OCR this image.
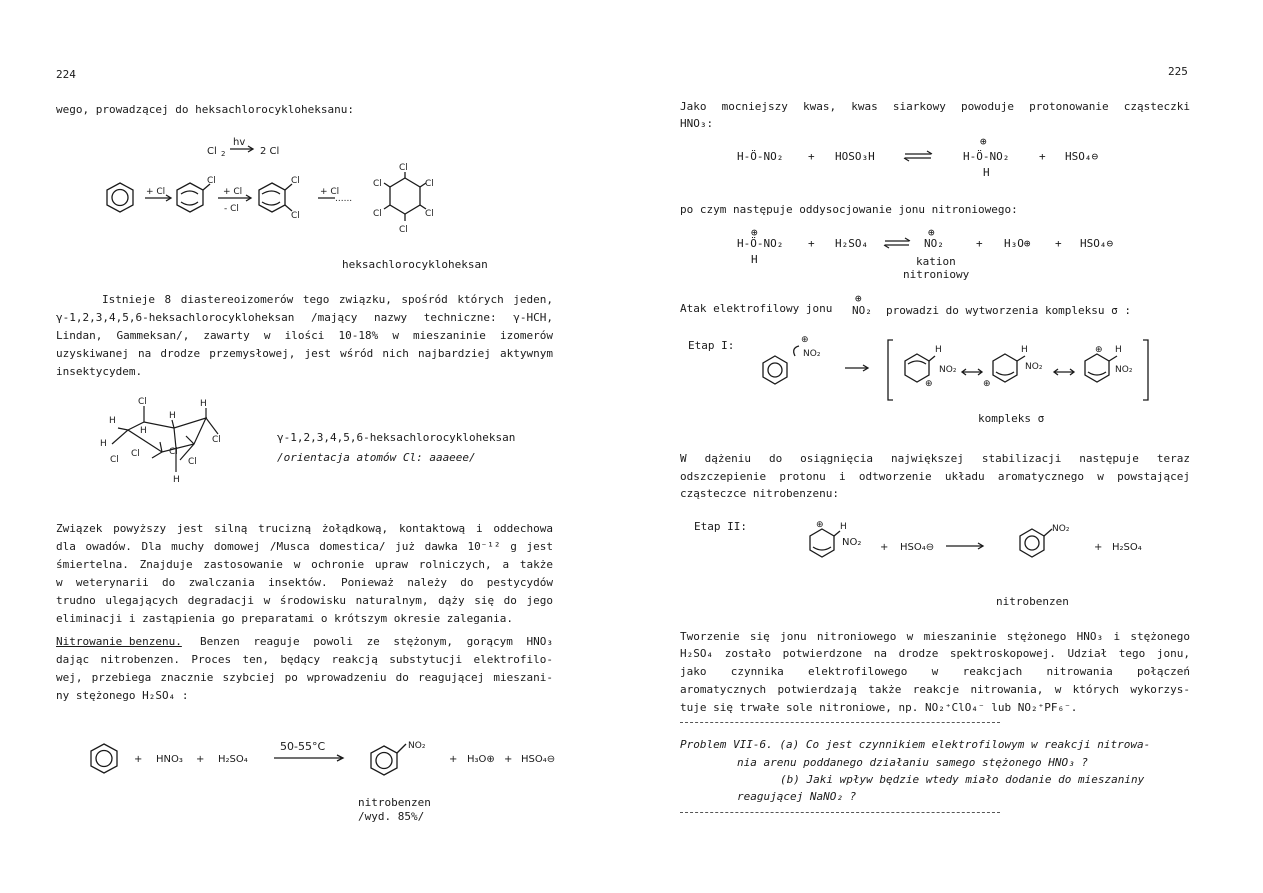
224
wego, prowadzącej do heksachlorocykloheksanu:
Cl 2
hv
2 Cl
+ Cl	+ Cl
- Cl
+ Cl
......
Cl	Cl
Cl
Cl
Cl
Cl
Cl
Cl
Cl
heksachlorocykloheksan
Istnieje 8 diastereoizomerów tego związku, spośród których jeden,
γ-1,2,3,4,5,6-heksachlorocykloheksan /mający nazwy techniczne: γ-HCH,
Lindan, Gammeksan/, zawarty w ilości 10-18% w mieszaninie izomerów
uzyskiwanej na drodze przemysłowej, jest wśród nich najbardziej aktywnym
insektycydem.
Cl
H
H
Cl
Cl
H
H
Cl
H
Cl
Cl
H
γ-1,2,3,4,5,6-heksachlorocykloheksan
/orientacja atomów Cl: aaaeee/
Związek powyższy jest silną trucizną żołądkową, kontaktową i oddechowa
dla owadów. Dla muchy domowej /Musca domestica/ już dawka 10⁻¹² g jest
śmiertelna. Znajduje zastosowanie w ochronie upraw rolniczych, a także
w weterynarii do zwalczania insektów. Ponieważ należy do pestycydów
trudno ulegających degradacji w środowisku naturalnym, dąży się do jego
eliminacji i zastąpienia go preparatami o krótszym okresie zalegania.
Nitrowanie benzenu. Benzen reaguje powoli ze stężonym, gorącym HNO₃
dając nitrobenzen. Proces ten, będący reakcją substytucji elektrofilo-
wej, przebiega znacznie szybciej po wprowadzeniu do reagującej mieszani-
ny stężonego H₂SO₄ :
+ HNO₃ + H₂SO₄
50-55°C	NO₂
+ H₃O⊕ + HSO₄⊖
nitrobenzen
/wyd. 85%/
225
Jako mocniejszy kwas, kwas siarkowy powoduje protonowanie cząsteczki
HNO₃:
H-Ö-NO₂ + HOSO₃H
⊕
H-Ö-NO₂
H
+ HSO₄⊖
po czym następuje oddysocjowanie jonu nitroniowego:
⊕
H-Ö-NO₂
H
+ H₂SO₄
⊕
NO₂	+ H₃O⊕ + HSO₄⊖
kation
nitroniowy
Atak elektrofilowy jonu
⊕
NO₂ prowadzi do wytworzenia kompleksu σ :
Etap I:	⊕
NO₂	H
NO₂
⊕
H
NO₂
⊕
⊕ H
NO₂
kompleks σ
W dążeniu do osiągnięcia największej stabilizacji następuje teraz
odszczepienie protonu i odtworzenie układu aromatycznego w powstającej
cząsteczce nitrobenzenu:
Etap II:	⊕ H
NO₂ + HSO₄⊖
NO₂
+ H₂SO₄
nitrobenzen
Tworzenie się jonu nitroniowego w mieszaninie stężonego HNO₃ i stężonego
H₂SO₄ zostało potwierdzone na drodze spektroskopowej. Udział tego jonu,
jako czynnika elektrofilowego w reakcjach nitrowania połączeń
aromatycznych potwierdzają także reakcje nitrowania, w których wykorzys-
tuje się trwałe sole nitroniowe, np. NO₂⁺ClO₄⁻ lub NO₂⁺PF₆⁻.
Problem VII-6. (a) Co jest czynnikiem elektrofilowym w reakcji nitrowa-
nia arenu poddanego działaniu samego stężonego HNO₃ ?
(b) Jaki wpływ będzie wtedy miało dodanie do mieszaniny
reagującej NaNO₂ ?
